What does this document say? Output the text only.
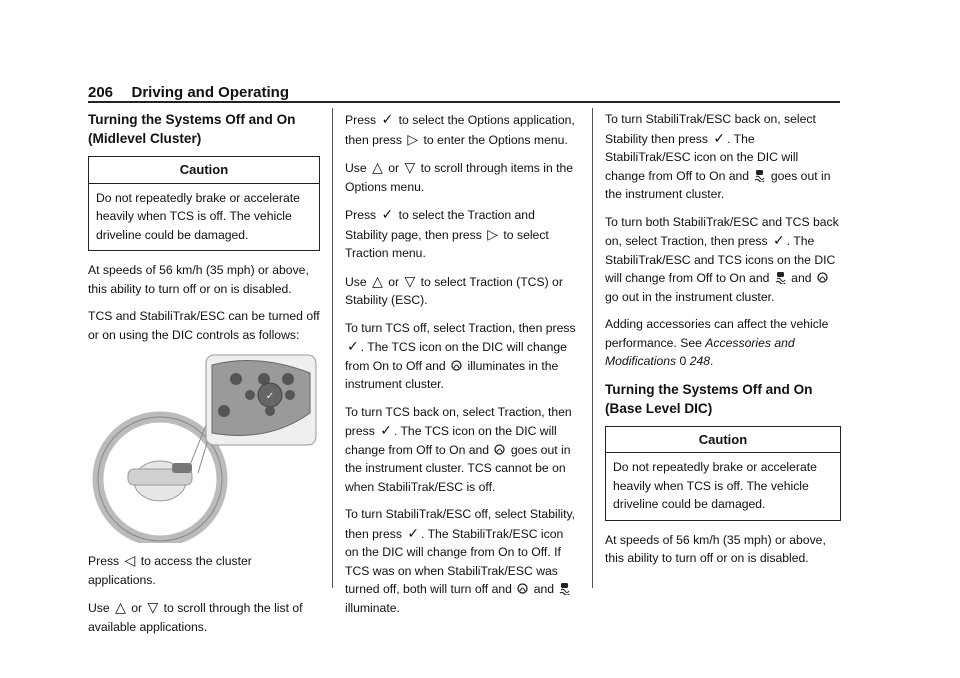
206 Driving and Operating
Turning the Systems Off and On (Midlevel Cluster)
Caution
Do not repeatedly brake or accelerate heavily when TCS is off. The vehicle driveline could be damaged.

At speeds of 56 km/h (35 mph) or above, this ability to turn off or on is disabled.

TCS and StabiliTrak/ESC can be turned off or on using the DIC controls as follows:

✓

Press ◁ to access the cluster applications.

Use △ or ▽ to scroll through the list of available applications.

Press ✓ to select the Options application, then press ▷ to enter the Options menu.

Use △ or ▽ to scroll through items in the Options menu.

Press ✓ to select the Traction and Stability page, then press ▷ to select Traction menu.

Use △ or ▽ to select Traction (TCS) or Stability (ESC).

To turn TCS off, select Traction, then press ✓ . The TCS icon on the DIC will change from On to Off and illuminates in the instrument cluster.

To turn TCS back on, select Traction, then press ✓ . The TCS icon on the DIC will change from Off to On and goes out in the instrument cluster. TCS cannot be on when StabiliTrak/ESC is off.

To turn StabiliTrak/ESC off, select Stability, then press ✓ . The StabiliTrak/ESC icon on the DIC will change from On to Off. If TCS was on when StabiliTrak/ESC was turned off, both will turn off and and  illuminate.

To turn StabiliTrak/ESC back on, select Stability then press ✓ . The StabiliTrak/ESC icon on the DIC will change from Off to On and goes out in the instrument cluster.

To turn both StabiliTrak/ESC and TCS back on, select Traction, then press ✓ . The StabiliTrak/ESC and TCS icons on the DIC will change from Off to On and and  go out in the instrument cluster.

Adding accessories can affect the vehicle performance. See Accessories and Modifications 0 248.

Turning the Systems Off and On (Base Level DIC)
Caution
Do not repeatedly brake or accelerate heavily when TCS is off. The vehicle driveline could be damaged.

At speeds of 56 km/h (35 mph) or above, this ability to turn off or on is disabled.
